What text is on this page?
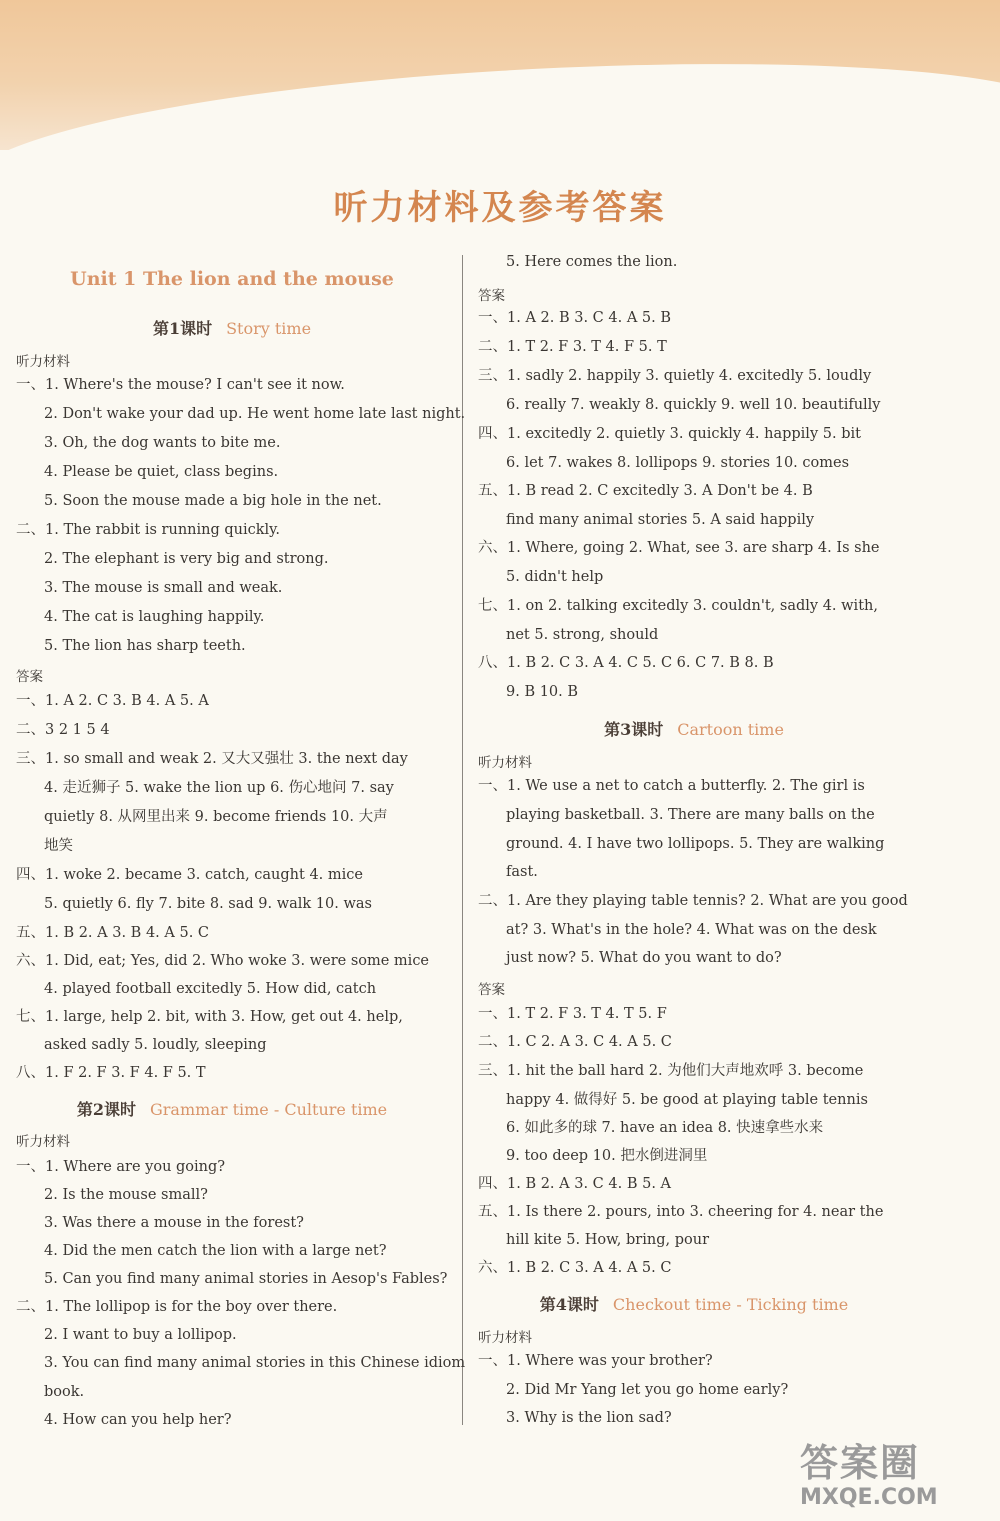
听力材料及参考答案
Unit 1 The lion and the mouse
第1课时 Story time
听力材料
一、1. Where's the mouse? I can't see it now.
2. Don't wake your dad up. He went home late last night.
3. Oh, the dog wants to bite me.
4. Please be quiet, class begins.
5. Soon the mouse made a big hole in the net.
二、1. The rabbit is running quickly.
2. The elephant is very big and strong.
3. The mouse is small and weak.
4. The cat is laughing happily.
5. The lion has sharp teeth.
答案
一、1. A 2. C 3. B 4. A 5. A
二、3 2 1 5 4
三、1. so small and weak 2. 又大又强壮 3. the next day
4. 走近狮子 5. wake the lion up 6. 伤心地问 7. say
quietly 8. 从网里出来 9. become friends 10. 大声
地笑
四、1. woke 2. became 3. catch, caught 4. mice
5. quietly 6. fly 7. bite 8. sad 9. walk 10. was
五、1. B 2. A 3. B 4. A 5. C
六、1. Did, eat; Yes, did 2. Who woke 3. were some mice
4. played football excitedly 5. How did, catch
七、1. large, help 2. bit, with 3. How, get out 4. help,
asked sadly 5. loudly, sleeping
八、1. F 2. F 3. F 4. F 5. T
第2课时 Grammar time - Culture time
听力材料
一、1. Where are you going?
2. Is the mouse small?
3. Was there a mouse in the forest?
4. Did the men catch the lion with a large net?
5. Can you find many animal stories in Aesop's Fables?
二、1. The lollipop is for the boy over there.
2. I want to buy a lollipop.
3. You can find many animal stories in this Chinese idiom
book.
4. How can you help her?
5. Here comes the lion.
答案
一、1. A 2. B 3. C 4. A 5. B
二、1. T 2. F 3. T 4. F 5. T
三、1. sadly 2. happily 3. quietly 4. excitedly 5. loudly
6. really 7. weakly 8. quickly 9. well 10. beautifully
四、1. excitedly 2. quietly 3. quickly 4. happily 5. bit
6. let 7. wakes 8. lollipops 9. stories 10. comes
五、1. B read 2. C excitedly 3. A Don't be 4. B
find many animal stories 5. A said happily
六、1. Where, going 2. What, see 3. are sharp 4. Is she
5. didn't help
七、1. on 2. talking excitedly 3. couldn't, sadly 4. with,
net 5. strong, should
八、1. B 2. C 3. A 4. C 5. C 6. C 7. B 8. B
9. B 10. B
第3课时 Cartoon time
听力材料
一、1. We use a net to catch a butterfly. 2. The girl is
playing basketball. 3. There are many balls on the
ground. 4. I have two lollipops. 5. They are walking
fast.
二、1. Are they playing table tennis? 2. What are you good
at? 3. What's in the hole? 4. What was on the desk
just now? 5. What do you want to do?
答案
一、1. T 2. F 3. T 4. T 5. F
二、1. C 2. A 3. C 4. A 5. C
三、1. hit the ball hard 2. 为他们大声地欢呼 3. become
happy 4. 做得好 5. be good at playing table tennis
6. 如此多的球 7. have an idea 8. 快速拿些水来
9. too deep 10. 把水倒进洞里
四、1. B 2. A 3. C 4. B 5. A
五、1. Is there 2. pours, into 3. cheering for 4. near the
hill kite 5. How, bring, pour
六、1. B 2. C 3. A 4. A 5. C
第4课时 Checkout time - Ticking time
听力材料
一、1. Where was your brother?
2. Did Mr Yang let you go home early?
3. Why is the lion sad?
答案圈
MXQE.COM
